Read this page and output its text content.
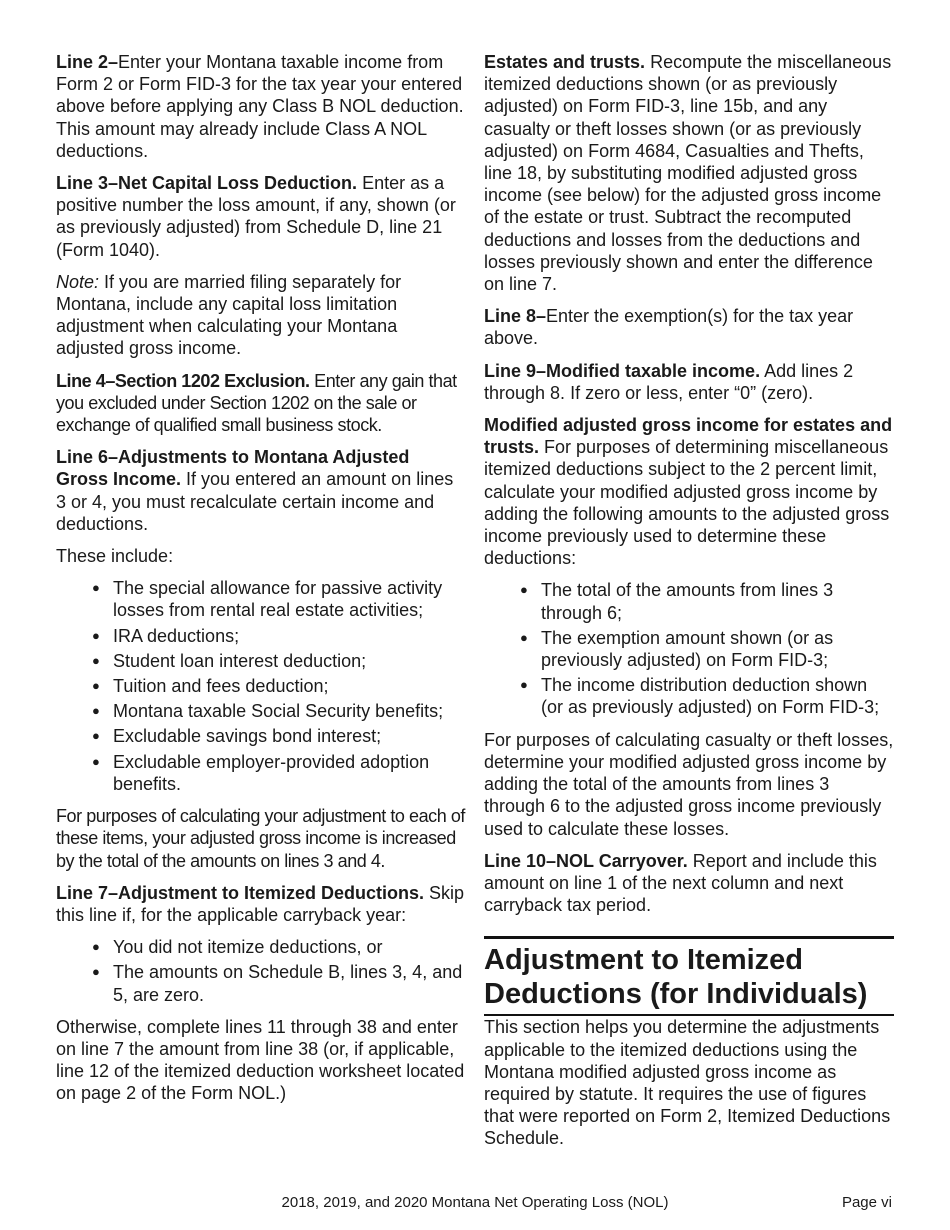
Line 2–Enter your Montana taxable income from Form 2 or Form FID-3 for the tax year your entered above before applying any Class B NOL deduction. This amount may already include Class A NOL deductions.

Line 3–Net Capital Loss Deduction. Enter as a positive number the loss amount, if any, shown (or as previously adjusted) from Schedule D, line 21 (Form 1040).

Note: If you are married filing separately for Montana, include any capital loss limitation adjustment when calculating your Montana adjusted gross income.

Line 4–Section 1202 Exclusion. Enter any gain that you excluded under Section 1202 on the sale or exchange of qualified small business stock.

Line 6–Adjustments to Montana Adjusted Gross Income. If you entered an amount on lines 3 or 4, you must recalculate certain income and deductions.

These include:

● The special allowance for passive activity losses from rental real estate activities;
● IRA deductions;
● Student loan interest deduction;
● Tuition and fees deduction;
● Montana taxable Social Security benefits;
● Excludable savings bond interest;
● Excludable employer-provided adoption benefits.

For purposes of calculating your adjustment to each of these items, your adjusted gross income is increased by the total of the amounts on lines 3 and 4.

Line 7–Adjustment to Itemized Deductions. Skip this line if, for the applicable carryback year:

● You did not itemize deductions, or
● The amounts on Schedule B, lines 3, 4, and 5, are zero.

Otherwise, complete lines 11 through 38 and enter on line 7 the amount from line 38 (or, if applicable, line 12 of the itemized deduction worksheet located on page 2 of the Form NOL.)

Estates and trusts. Recompute the miscellaneous itemized deductions shown (or as previously adjusted) on Form FID-3, line 15b, and any casualty or theft losses shown (or as previously adjusted) on Form 4684, Casualties and Thefts, line 18, by substituting modified adjusted gross income (see below) for the adjusted gross income of the estate or trust. Subtract the recomputed deductions and losses from the deductions and losses previously shown and enter the difference on line 7.

Line 8–Enter the exemption(s) for the tax year above.

Line 9–Modified taxable income. Add lines 2 through 8. If zero or less, enter “0” (zero).

Modified adjusted gross income for estates and trusts. For purposes of determining miscellaneous itemized deductions subject to the 2 percent limit, calculate your modified adjusted gross income by adding the following amounts to the adjusted gross income previously used to determine these deductions:

● The total of the amounts from lines 3 through 6;
● The exemption amount shown (or as previously adjusted) on Form FID-3;
● The income distribution deduction shown (or as previously adjusted) on Form FID-3;

For purposes of calculating casualty or theft losses, determine your modified adjusted gross income by adding the total of the amounts from lines 3 through 6 to the adjusted gross income previously used to calculate these losses.

Line 10–NOL Carryover. Report and include this amount on line 1 of the next column and next carryback tax period.

Adjustment to Itemized Deductions (for Individuals)

This section helps you determine the adjustments applicable to the itemized deductions using the Montana modified adjusted gross income as required by statute. It requires the use of figures that were reported on Form 2, Itemized Deductions Schedule.

2018, 2019, and 2020 Montana Net Operating Loss (NOL)	Page vi
